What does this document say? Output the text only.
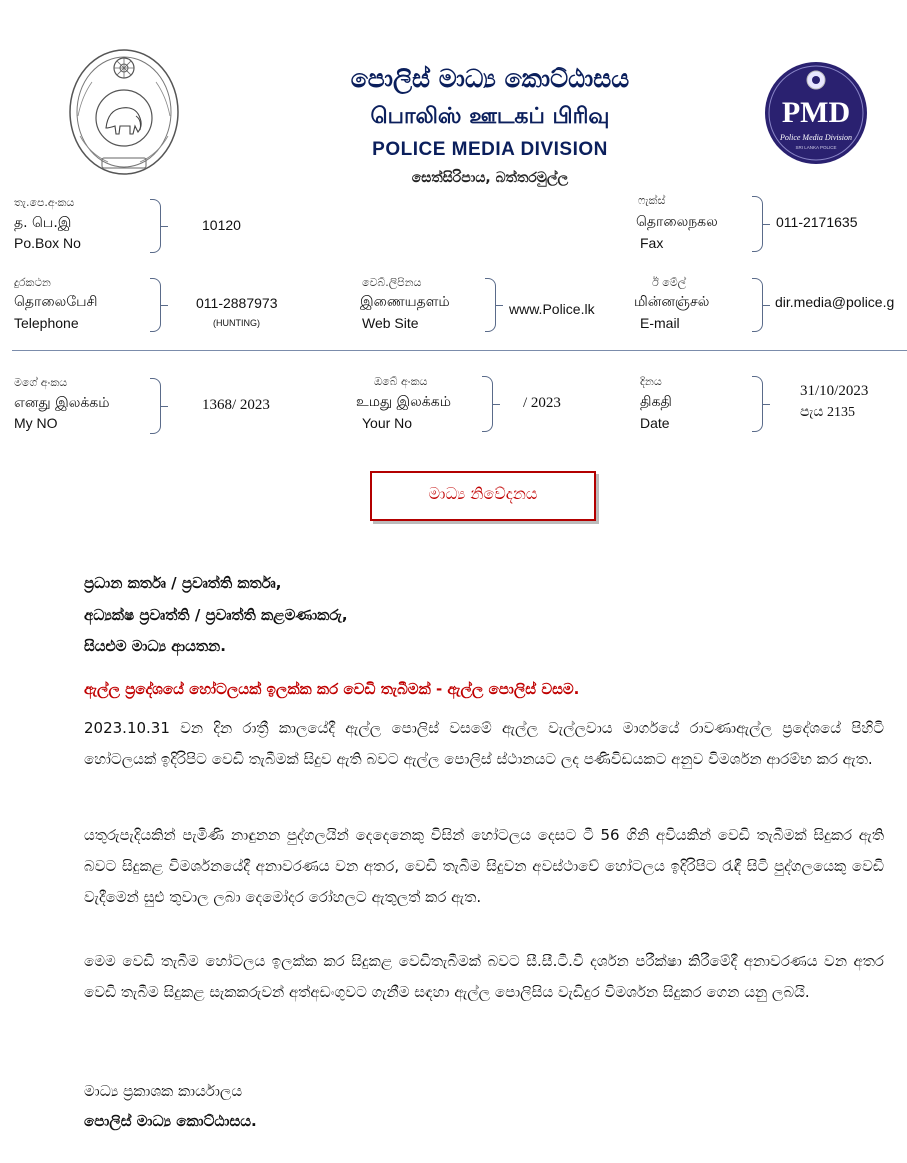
PMD
Police Media Division
SRI LANKA POLICE
පොලිස් මාධ්‍ය කොට්ඨාසය
பொலிஸ் ஊடகப் பிரிவு
POLICE MEDIA DIVISION
සෙත්සිරිපාය, බත්තරමුල්ල
තැ.පෙ.අංකය
த. பெ.இ
Po.Box No
10120
ෆැක්ස්
தொலைநகல
Fax
011-2171635
දුරකථන
தொலைபேசி
Telephone
011-2887973
(HUNTING)
වෙබ්.ලිපිනය
இணையதளம்
Web Site
www.Police.lk
ඊ මේල්
மின்னஞ்சல்
E-mail
dir.media@police.g
මගේ අංකය
எனது இலக்கம்
My NO
1368/ 2023
ඔබේ අංකය
உமது இலக்கம்
Your No
/ 2023
දිනය
திகதி
Date
31/10/2023
පැය 2135
මාධ්‍ය නිවේදනය
ප්‍රධාන කර්තෘ / ප්‍රවෘත්ති කර්තෘ,
අධ්‍යක්ෂ ප්‍රවෘත්ති / ප්‍රවෘත්ති කළමණාකරු,
සියළුම මාධ්‍ය ආයතන.
ඇල්ල ප්‍රදේශයේ හෝටලයක් ඉලක්ක කර වෙඩි තැබීමක් - ඇල්ල පොලිස් වසම.
2023.10.31 වන දින රාත්‍රී කාලයේදී ඇල්ල පොලිස් වසමේ ඇල්ල වැල්ලවාය මාර්ගයේ රාවණාඇල්ල ප්‍රදේශයේ පිහිටි හෝටලයක් ඉදිරිපිට වෙඩි තැබීමක් සිදුව ඇති බවට ඇල්ල පොලිස් ස්ථානයට ලද පණිවිඩයකට අනුව විමර්ශන ආරම්භ කර ඇත.
යතුරුපැදියකින් පැමිණි නාඳුනන පුද්ගලයින් දෙදෙනෙකු විසින් හෝටලය දෙසට ටී 56 ගිනි අවියකින් වෙඩි තැබීමක් සිදුකර ඇති බවට සිදුකළ විමර්ශනයේදී අනාවරණය වන අතර, වෙඩි තැබීම සිදුවන අවස්ථාවේ හෝටලය ඉදිරිපිට රැඳී සිටි පුද්ගලයෙකු වෙඩි වැදීමෙන් සුළු තුවාල ලබා දෙමෝදර රෝහලට ඇතුලත් කර ඇත.
මෙම වෙඩි තැබීම හෝටලය ඉලක්ක කර සිදුකළ වෙඩිතැබීමක් බවට සී.සී.ටී.වී දර්ශන පරීක්ෂා කිරීමේදී අනාවරණය වන අතර වෙඩි තැබීම සිදුකළ සැකකරුවන් අත්අඩංගුවට ගැනීම සඳහා ඇල්ල පොලිසිය වැඩිදුර විමර්ශන සිදුකර ගෙන යනු ලබයි.
මාධ්‍ය ප්‍රකාශක කාර්යාලය
පොලිස් මාධ්‍ය කොට්ඨාසය.
